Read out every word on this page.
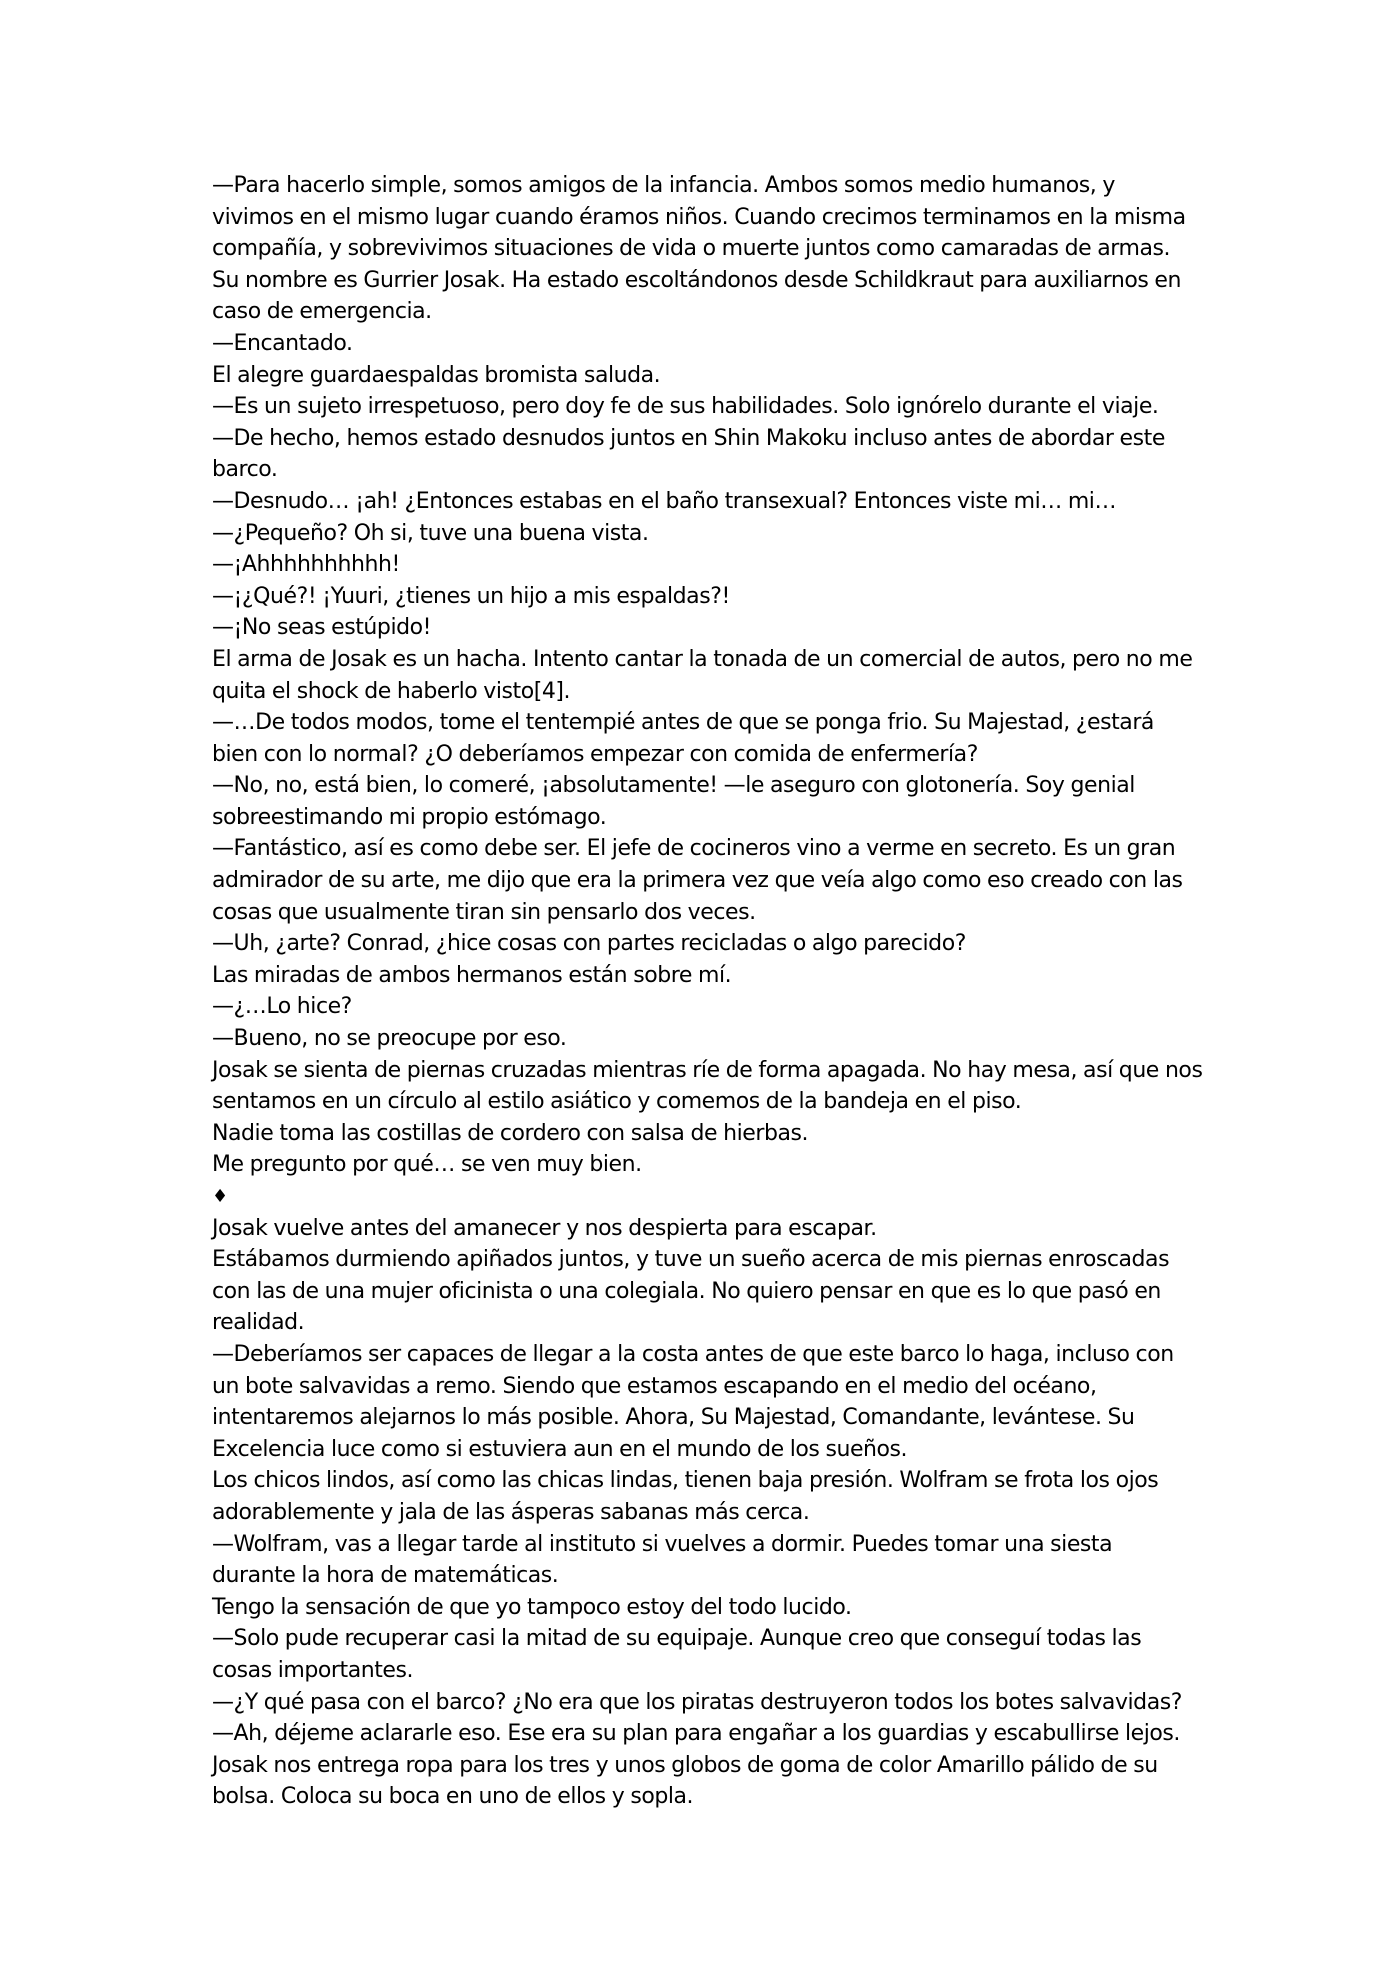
—Para hacerlo simple, somos amigos de la infancia. Ambos somos medio humanos, y
vivimos en el mismo lugar cuando éramos niños. Cuando crecimos terminamos en la misma
compañía, y sobrevivimos situaciones de vida o muerte juntos como camaradas de armas.
Su nombre es Gurrier Josak. Ha estado escoltándonos desde Schildkraut para auxiliarnos en
caso de emergencia.
—Encantado.
El alegre guardaespaldas bromista saluda.
—Es un sujeto irrespetuoso, pero doy fe de sus habilidades. Solo ignórelo durante el viaje.
—De hecho, hemos estado desnudos juntos en Shin Makoku incluso antes de abordar este
barco.
—Desnudo… ¡ah! ¿Entonces estabas en el baño transexual? Entonces viste mi… mi…
—¿Pequeño? Oh si, tuve una buena vista.
—¡Ahhhhhhhhhh!
—¡¿Qué?! ¡Yuuri, ¿tienes un hijo a mis espaldas?!
—¡No seas estúpido!
El arma de Josak es un hacha. Intento cantar la tonada de un comercial de autos, pero no me
quita el shock de haberlo visto[4].
—…De todos modos, tome el tentempié antes de que se ponga frio. Su Majestad, ¿estará
bien con lo normal? ¿O deberíamos empezar con comida de enfermería?
—No, no, está bien, lo comeré, ¡absolutamente! —le aseguro con glotonería. Soy genial
sobreestimando mi propio estómago.
—Fantástico, así es como debe ser. El jefe de cocineros vino a verme en secreto. Es un gran
admirador de su arte, me dijo que era la primera vez que veía algo como eso creado con las
cosas que usualmente tiran sin pensarlo dos veces.
—Uh, ¿arte? Conrad, ¿hice cosas con partes recicladas o algo parecido?
Las miradas de ambos hermanos están sobre mí.
—¿…Lo hice?
—Bueno, no se preocupe por eso.
Josak se sienta de piernas cruzadas mientras ríe de forma apagada. No hay mesa, así que nos
sentamos en un círculo al estilo asiático y comemos de la bandeja en el piso.
Nadie toma las costillas de cordero con salsa de hierbas.
Me pregunto por qué… se ven muy bien.
♦
Josak vuelve antes del amanecer y nos despierta para escapar.
Estábamos durmiendo apiñados juntos, y tuve un sueño acerca de mis piernas enroscadas
con las de una mujer oficinista o una colegiala. No quiero pensar en que es lo que pasó en
realidad.
—Deberíamos ser capaces de llegar a la costa antes de que este barco lo haga, incluso con
un bote salvavidas a remo. Siendo que estamos escapando en el medio del océano,
intentaremos alejarnos lo más posible. Ahora, Su Majestad, Comandante, levántese. Su
Excelencia luce como si estuviera aun en el mundo de los sueños.
Los chicos lindos, así como las chicas lindas, tienen baja presión. Wolfram se frota los ojos
adorablemente y jala de las ásperas sabanas más cerca.
—Wolfram, vas a llegar tarde al instituto si vuelves a dormir. Puedes tomar una siesta
durante la hora de matemáticas.
Tengo la sensación de que yo tampoco estoy del todo lucido.
—Solo pude recuperar casi la mitad de su equipaje. Aunque creo que conseguí todas las
cosas importantes.
—¿Y qué pasa con el barco? ¿No era que los piratas destruyeron todos los botes salvavidas?
—Ah, déjeme aclararle eso. Ese era su plan para engañar a los guardias y escabullirse lejos.
Josak nos entrega ropa para los tres y unos globos de goma de color Amarillo pálido de su
bolsa. Coloca su boca en uno de ellos y sopla.
